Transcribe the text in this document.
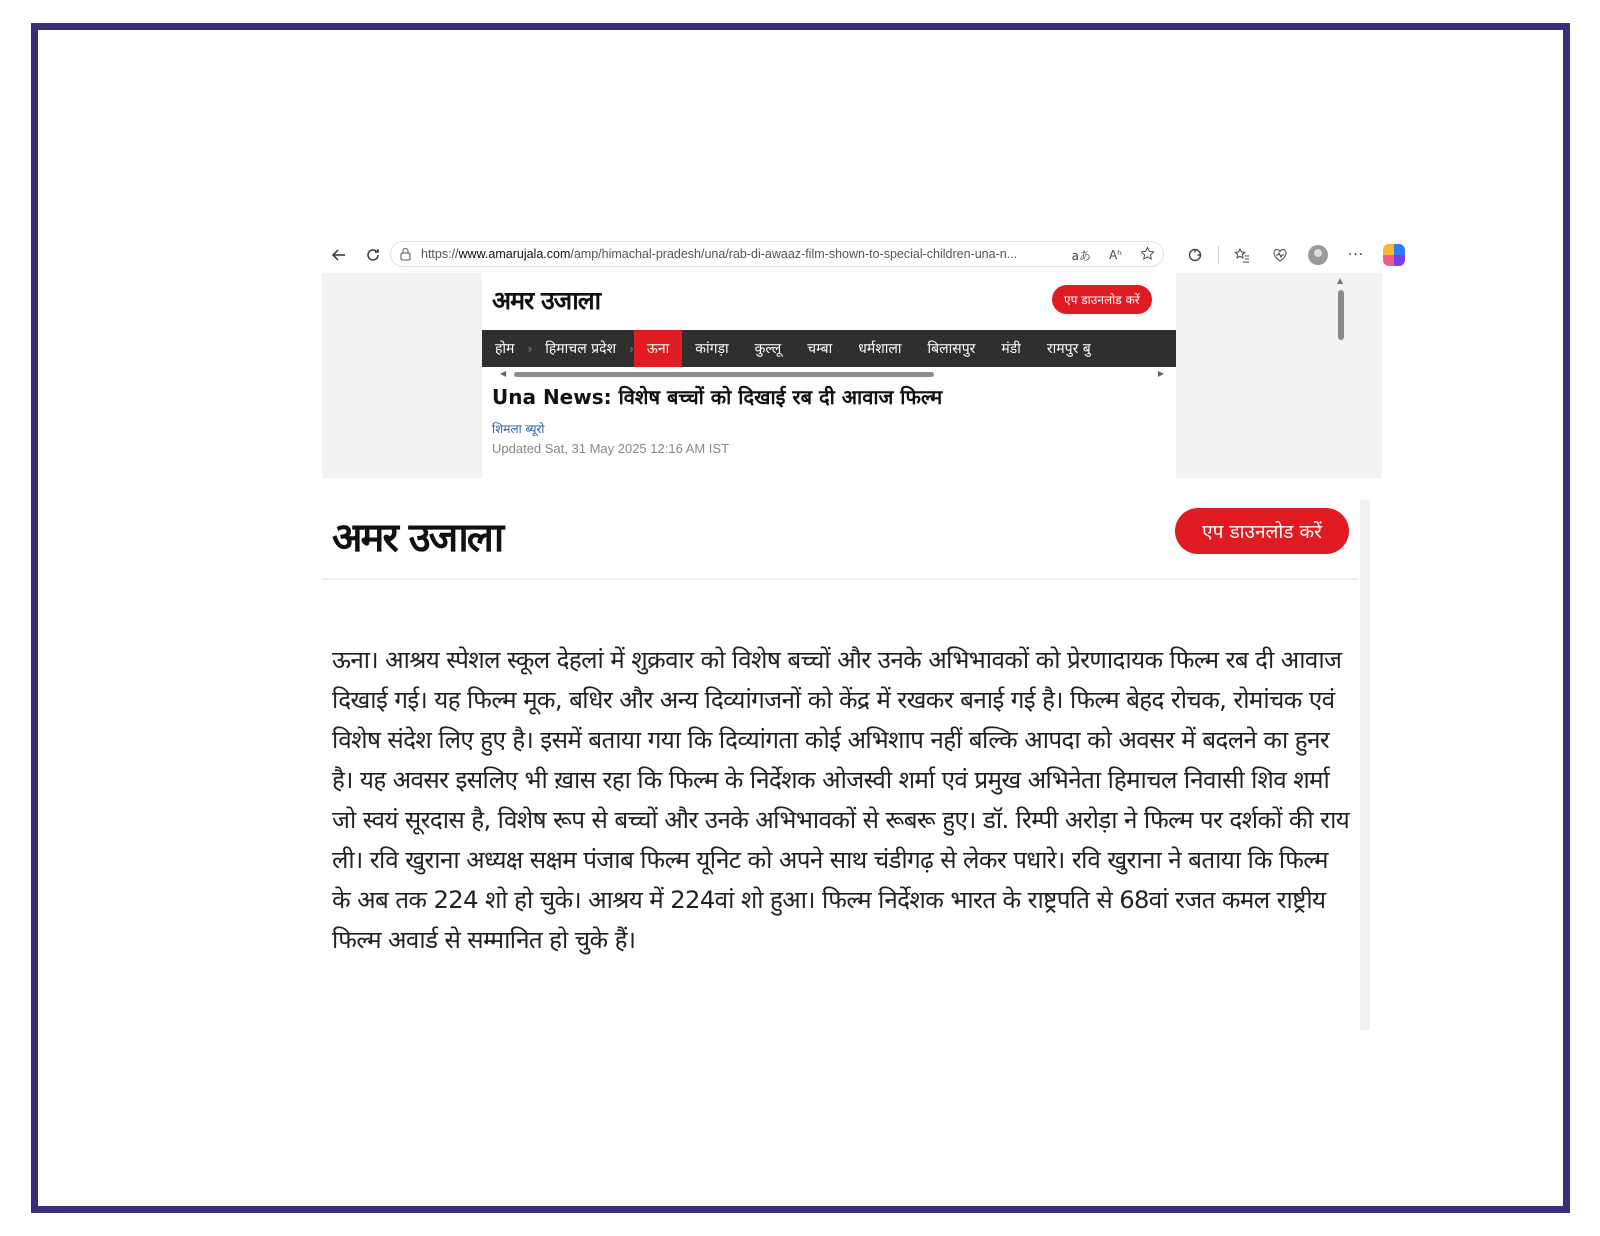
https://www.amarujala.com/amp/himachal-pradesh/una/rab-di-awaaz-film-shown-to-special-children-una-n...	aあ Aʰ	···
▲
अमर उजाला	एप डाउनलोड करें
होम	› हिमाचल प्रदेश	› ऊना	कांगड़ा	कुल्लू	चम्बा	धर्मशाला	बिलासपुर	मंडी	रामपुर बु
◀	▶
Una News: विशेष बच्चों को दिखाई रब दी आवाज फिल्म
शिमला ब्यूरो
Updated Sat, 31 May 2025 12:16 AM IST
अमर उजाला	एप डाउनलोड करें

ऊना। आश्रय स्पेशल स्कूल देहलां में शुक्रवार को विशेष बच्चों और उनके अभिभावकों को प्रेरणादायक फिल्म रब दी आवाज दिखाई गई। यह फिल्म मूक, बधिर और अन्य दिव्यांगजनों को केंद्र में रखकर बनाई गई है। फिल्म बेहद रोचक, रोमांचक एवं विशेष संदेश लिए हुए है। इसमें बताया गया कि दिव्यांगता कोई अभिशाप नहीं बल्कि आपदा को अवसर में बदलने का हुनर है। यह अवसर इसलिए भी ख़ास रहा कि फिल्म के निर्देशक ओजस्वी शर्मा एवं प्रमुख अभिनेता हिमाचल निवासी शिव शर्मा जो स्वयं सूरदास है, विशेष रूप से बच्चों और उनके अभिभावकों से रूबरू हुए। डॉ. रिम्पी अरोड़ा ने फिल्म पर दर्शकों की राय ली। रवि खुराना अध्यक्ष सक्षम पंजाब फिल्म यूनिट को अपने साथ चंडीगढ़ से लेकर पधारे। रवि खुराना ने बताया कि फिल्म के अब तक 224 शो हो चुके। आश्रय में 224वां शो हुआ। फिल्म निर्देशक भारत के राष्ट्रपति से 68वां रजत कमल राष्ट्रीय फिल्म अवार्ड से सम्मानित हो चुके हैं।
